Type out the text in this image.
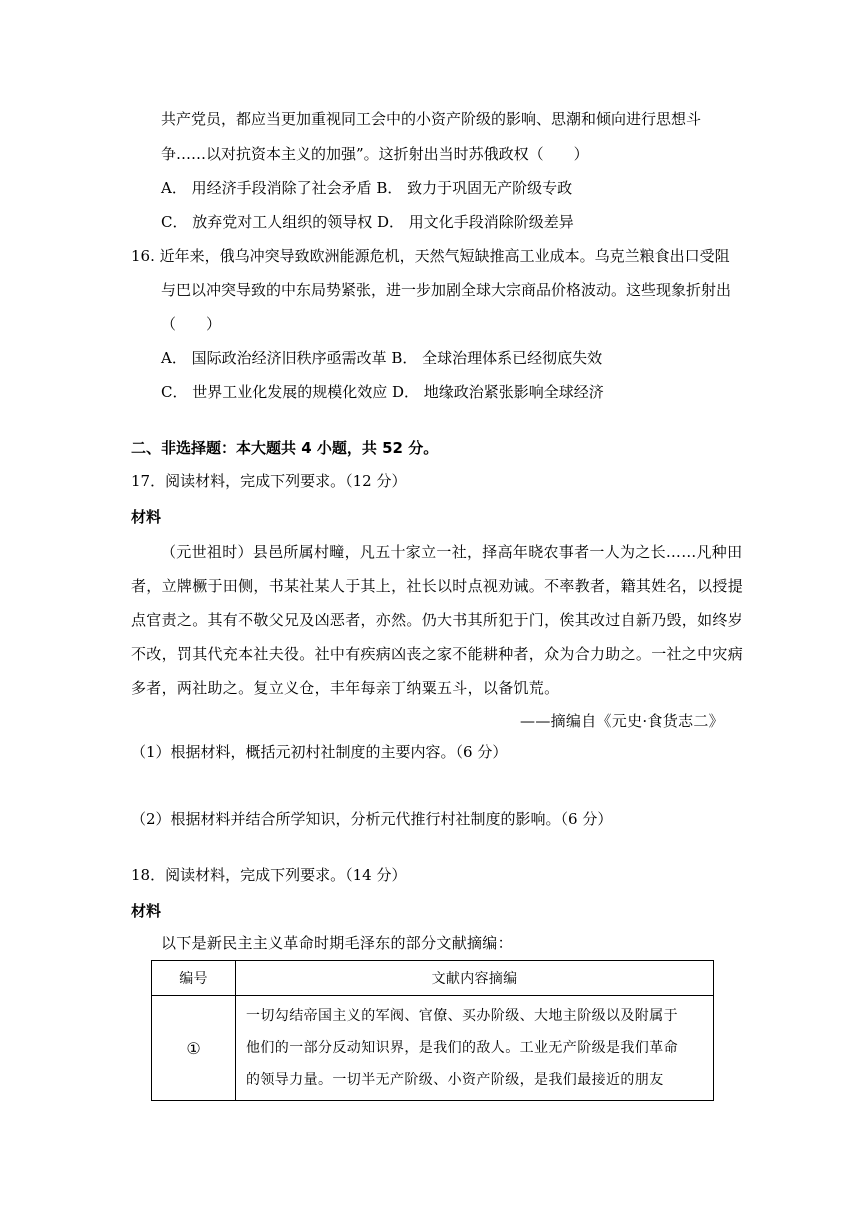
共产党员，都应当更加重视同工会中的小资产阶级的影响、思潮和倾向进行思想斗
争……以对抗资本主义的加强”。这折射出当时苏俄政权（　　）
A． 用经济手段消除了社会矛盾 B． 致力于巩固无产阶级专政
C． 放弃党对工人组织的领导权 D． 用文化手段消除阶级差异
16. 近年来，俄乌冲突导致欧洲能源危机，天然气短缺推高工业成本。乌克兰粮食出口受阻
与巴以冲突导致的中东局势紧张，进一步加剧全球大宗商品价格波动。这些现象折射出
（　　）
A． 国际政治经济旧秩序亟需改革 B． 全球治理体系已经彻底失效
C． 世界工业化发展的规模化效应 D． 地缘政治紧张影响全球经济
二、非选择题：本大题共 4 小题，共 52 分。
17．阅读材料，完成下列要求。（12 分）
材料
（元世祖时）县邑所属村疃，凡五十家立一社，择高年晓农事者一人为之长……凡种田
者，立牌橛于田侧，书某社某人于其上，社长以时点视劝诫。不率教者，籍其姓名，以授提
点官责之。其有不敬父兄及凶恶者，亦然。仍大书其所犯于门，俟其改过自新乃毁，如终岁
不改，罚其代充本社夫役。社中有疾病凶丧之家不能耕种者，众为合力助之。一社之中灾病
多者，两社助之。复立义仓，丰年每亲丁纳粟五斗，以备饥荒。
——摘编自《元史·食货志二》
（1）根据材料，概括元初村社制度的主要内容。（6 分）
（2）根据材料并结合所学知识，分析元代推行村社制度的影响。（6 分）
18．阅读材料，完成下列要求。（14 分）
材料
以下是新民主主义革命时期毛泽东的部分文献摘编：
编号	文献内容摘编
①	一切勾结帝国主义的军阀、官僚、买办阶级、大地主阶级以及附属于
他们的一部分反动知识界，是我们的敌人。工业无产阶级是我们革命
的领导力量。一切半无产阶级、小资产阶级，是我们最接近的朋友
